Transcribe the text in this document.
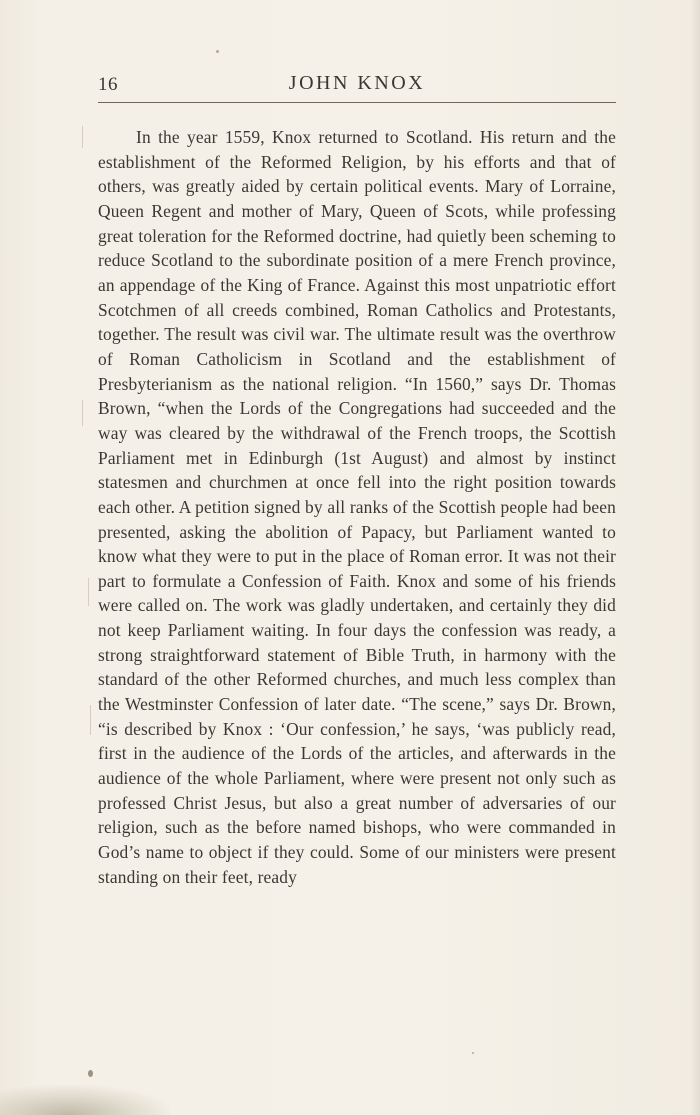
16	JOHN KNOX

In the year 1559, Knox returned to Scotland. His return and the establishment of the Reformed Religion, by his efforts and that of others, was greatly aided by certain political events. Mary of Lorraine, Queen Regent and mother of Mary, Queen of Scots, while professing great toleration for the Reformed doctrine, had quietly been scheming to reduce Scotland to the subordinate position of a mere French province, an appendage of the King of France. Against this most unpatriotic effort Scotchmen of all creeds combined, Roman Catholics and Protestants, together. The result was civil war. The ultimate result was the overthrow of Roman Catholicism in Scotland and the establishment of Presbyterianism as the national religion. “In 1560,” says Dr. Thomas Brown, “when the Lords of the Congregations had succeeded and the way was cleared by the withdrawal of the French troops, the Scottish Parliament met in Edinburgh (1st August) and almost by instinct statesmen and churchmen at once fell into the right position towards each other. A petition signed by all ranks of the Scottish people had been presented, asking the abolition of Papacy, but Parliament wanted to know what they were to put in the place of Roman error. It was not their part to formulate a Confession of Faith. Knox and some of his friends were called on. The work was gladly undertaken, and certainly they did not keep Parliament waiting. In four days the confession was ready, a strong straightforward statement of Bible Truth, in harmony with the standard of the other Reformed churches, and much less complex than the Westminster Confession of later date. “The scene,” says Dr. Brown, “is described by Knox : ‘Our confession,’ he says, ‘was publicly read, first in the audience of the Lords of the articles, and afterwards in the audience of the whole Parliament, where were present not only such as professed Christ Jesus, but also a great number of adversaries of our religion, such as the before named bishops, who were commanded in God’s name to object if they could. Some of our ministers were present standing on their feet, ready
